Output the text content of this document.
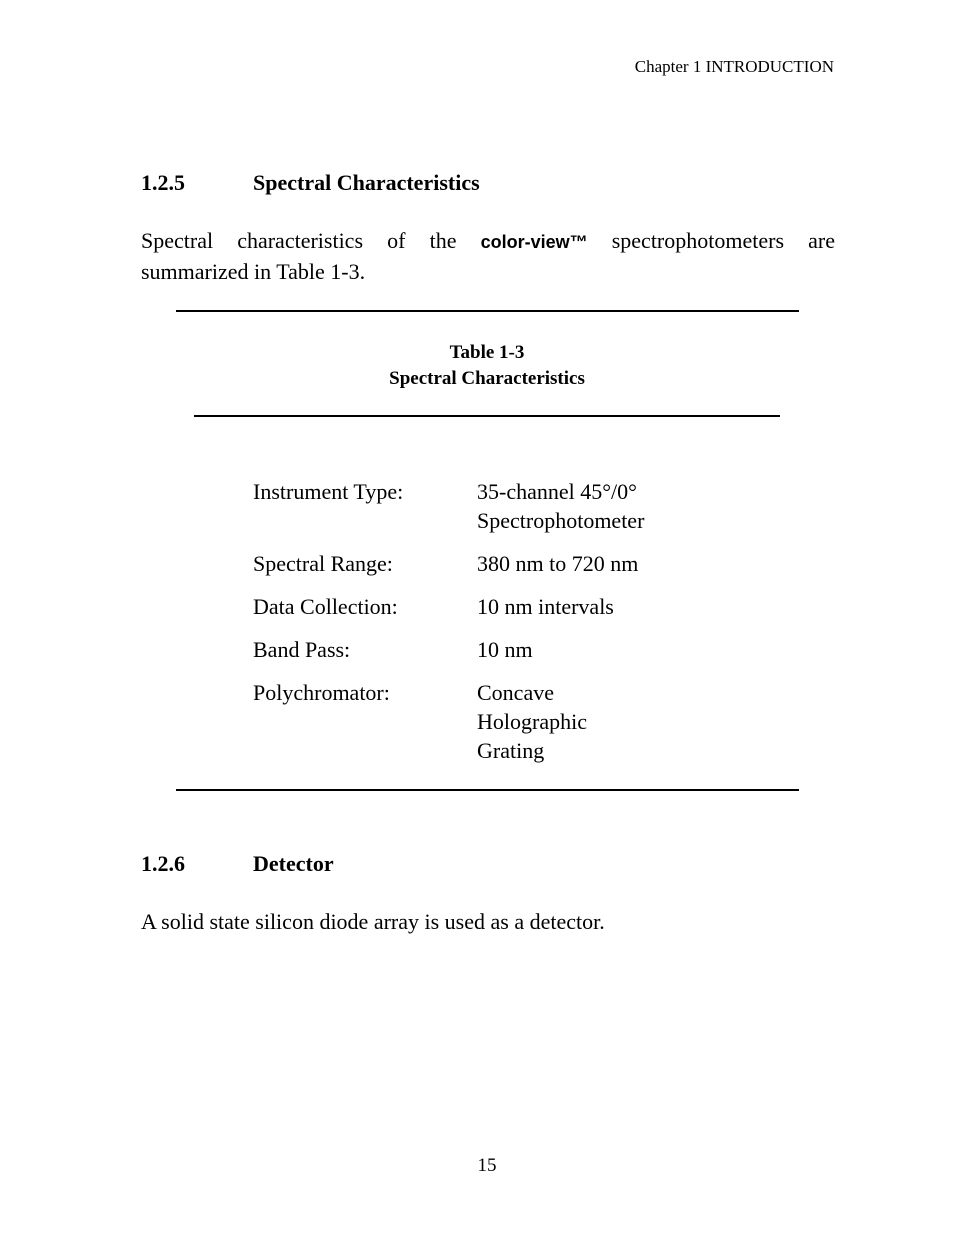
Chapter 1 INTRODUCTION
1.2.5	Spectral Characteristics
Spectral characteristics of the color-view™ spectrophotometers are summarized in Table 1-3.
Table 1-3
Spectral Characteristics
Instrument Type:	35-channel 45°/0°
Spectrophotometer
Spectral Range:	380 nm to 720 nm
Data Collection:	10 nm intervals
Band Pass:	10 nm
Polychromator:	Concave
Holographic
Grating
1.2.6	Detector
A solid state silicon diode array is used as a detector.
15
